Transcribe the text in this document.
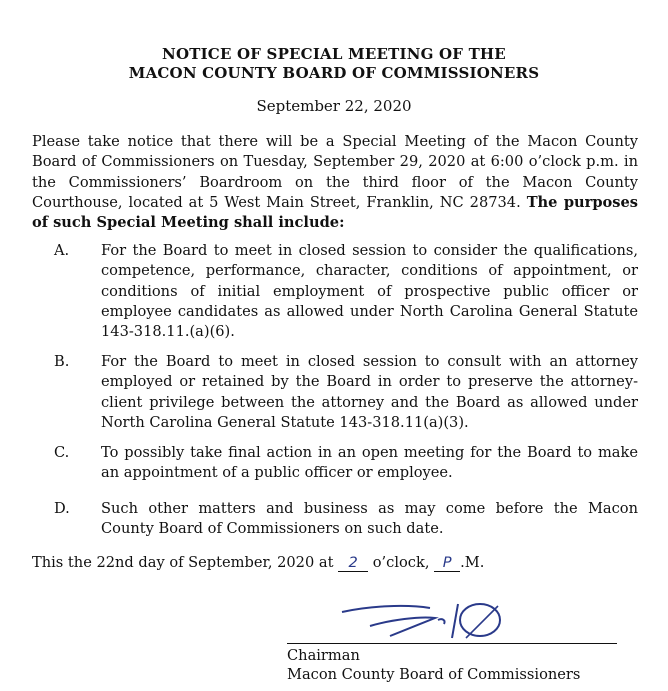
NOTICE OF SPECIAL MEETING OF THE
MACON COUNTY BOARD OF COMMISSIONERS
September 22, 2020
Please take notice that there will be a Special Meeting of the Macon County Board of Commissioners on Tuesday, September 29, 2020 at 6:00 o’clock p.m. in the Commissioners’ Boardroom on the third floor of the Macon County Courthouse, located at 5 West Main Street, Franklin, NC 28734. The purposes of such Special Meeting shall include:
A. For the Board to meet in closed session to consider the qualifications, competence, performance, character, conditions of appointment, or conditions of initial employment of prospective public officer or employee candidates as allowed under North Carolina General Statute 143-318.11.(a)(6).
B. For the Board to meet in closed session to consult with an attorney employed or retained by the Board in order to preserve the attorney-client privilege between the attorney and the Board as allowed under North Carolina General Statute 143-318.11(a)(3).
C. To possibly take final action in an open meeting for the Board to make an appointment of a public officer or employee.
D. Such other matters and business as may come before the Macon County Board of Commissioners on such date.
This the 22nd day of September, 2020 at 2 o’clock, P .M.
Chairman
Macon County Board of Commissioners
